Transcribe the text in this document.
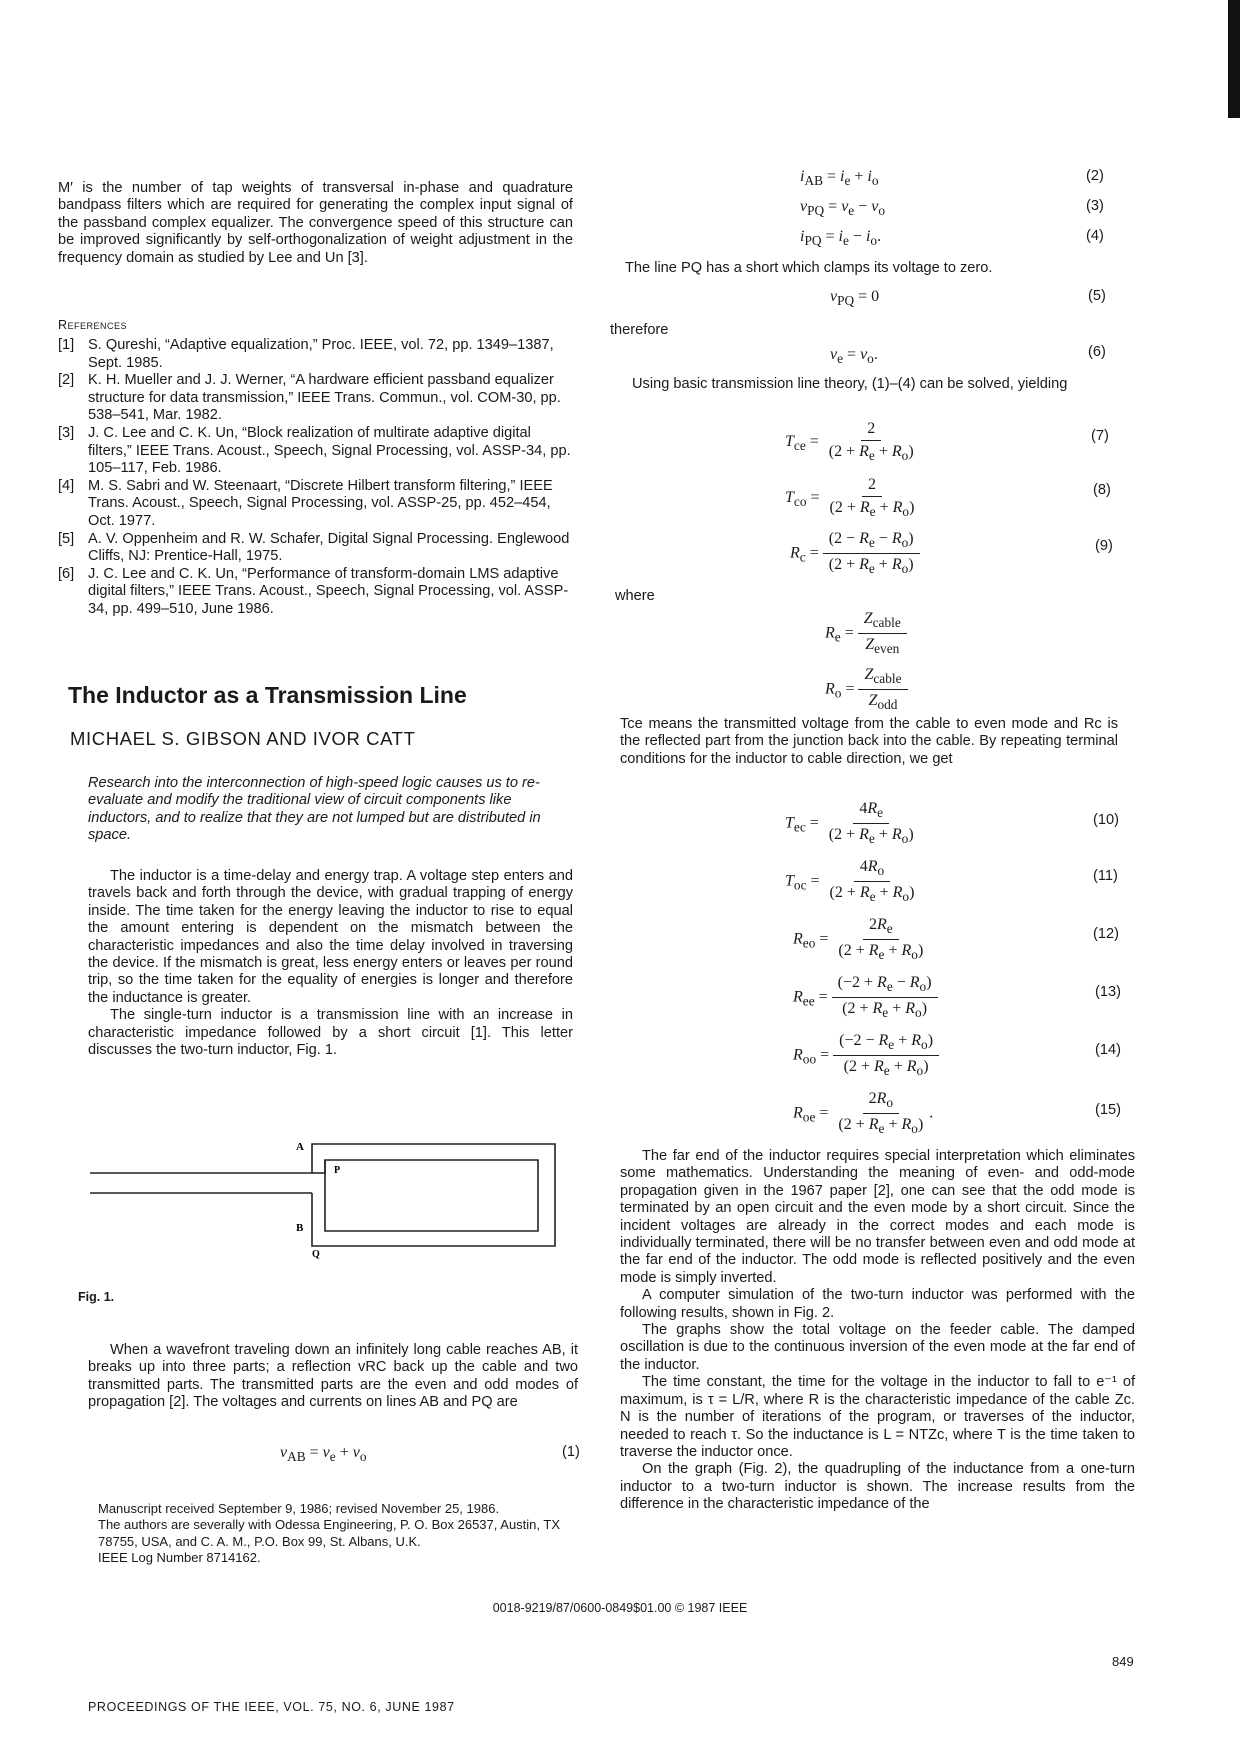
M′ is the number of tap weights of transversal in-phase and quadrature bandpass filters which are required for generating the complex input signal of the passband complex equalizer. The convergence speed of this structure can be improved significantly by self-orthogonalization of weight adjustment in the frequency domain as studied by Lee and Un [3].

References
[1] S. Qureshi, “Adaptive equalization,” Proc. IEEE, vol. 72, pp. 1349–1387, Sept. 1985.
[2] K. H. Mueller and J. J. Werner, “A hardware efficient passband equalizer structure for data transmission,” IEEE Trans. Commun., vol. COM-30, pp. 538–541, Mar. 1982.
[3] J. C. Lee and C. K. Un, “Block realization of multirate adaptive digital filters,” IEEE Trans. Acoust., Speech, Signal Processing, vol. ASSP-34, pp. 105–117, Feb. 1986.
[4] M. S. Sabri and W. Steenaart, “Discrete Hilbert transform filtering,” IEEE Trans. Acoust., Speech, Signal Processing, vol. ASSP-25, pp. 452–454, Oct. 1977.
[5] A. V. Oppenheim and R. W. Schafer, Digital Signal Processing. Englewood Cliffs, NJ: Prentice-Hall, 1975.
[6] J. C. Lee and C. K. Un, “Performance of transform-domain LMS adaptive digital filters,” IEEE Trans. Acoust., Speech, Signal Processing, vol. ASSP-34, pp. 499–510, June 1986.
The Inductor as a Transmission Line
MICHAEL S. GIBSON AND IVOR CATT
Research into the interconnection of high-speed logic causes us to re-evaluate and modify the traditional view of circuit components like inductors, and to realize that they are not lumped but are distributed in space.

The inductor is a time-delay and energy trap. A voltage step enters and travels back and forth through the device, with gradual trapping of energy inside. The time taken for the energy leaving the inductor to rise to equal the amount entering is dependent on the mismatch between the characteristic impedances and also the time delay involved in traversing the device. If the mismatch is great, less energy enters or leaves per round trip, so the time taken for the equality of energies is longer and therefore the inductance is greater.

The single-turn inductor is a transmission line with an increase in characteristic impedance followed by a short circuit [1]. This letter discusses the two-turn inductor, Fig. 1.

A
P
B
Q
Fig. 1.

When a wavefront traveling down an infinitely long cable reaches AB, it breaks up into three parts; a reflection vRC back up the cable and two transmitted parts. The transmitted parts are the even and odd modes of propagation [2]. The voltages and currents on lines AB and PQ are

$v_{AB} = v_e + v_o$	(1)
Manuscript received September 9, 1986; revised November 25, 1986.
The authors are severally with Odessa Engineering, P. O. Box 26537, Austin, TX 78755, USA, and C. A. M., P.O. Box 99, St. Albans, U.K.
IEEE Log Number 8714162.
$i_{AB} = i_e + i_o$	(2)
$v_{PQ} = v_e - v_o$	(3)
$i_{PQ} = i_e - i_o$.	(4)
The line PQ has a short which clamps its voltage to zero.
$v_{PQ} = 0$	(5)
therefore
$v_e = v_o$.	(6)

Using basic transmission line theory, (1)–(4) can be solved, yielding

$T_{ce} = \frac{2}{(2 + R_e + R_o)}$	(7)
$T_{co} = \frac{2}{(2 + R_e + R_o)}$	(8)
$R_c = \frac{(2 - R_e - R_o)}{(2 + R_e + R_o)}$	(9)
where
$R_e = \frac{Z_{cable}}{Z_{even}}$
$R_o = \frac{Z_{cable}}{Z_{odd}}$

Tce means the transmitted voltage from the cable to even mode and Rc is the reflected part from the junction back into the cable. By repeating terminal conditions for the inductor to cable direction, we get

$T_{ec} = \frac{4R_e}{(2 + R_e + R_o)}$	(10)
$T_{oc} = \frac{4R_o}{(2 + R_e + R_o)}$	(11)
$R_{eo} = \frac{2R_e}{(2 + R_e + R_o)}$	(12)
$R_{ee} = \frac{(-2 + R_e - R_o)}{(2 + R_e + R_o)}$	(13)
$R_{oo} = \frac{(-2 - R_e + R_o)}{(2 + R_e + R_o)}$	(14)
$R_{oe} = \frac{2R_o}{(2 + R_e + R_o)}$ .	(15)

The far end of the inductor requires special interpretation which eliminates some mathematics. Understanding the meaning of even- and odd-mode propagation given in the 1967 paper [2], one can see that the odd mode is terminated by an open circuit and the even mode by a short circuit. Since the incident voltages are already in the correct modes and each mode is individually terminated, there will be no transfer between even and odd mode at the far end of the inductor. The odd mode is reflected positively and the even mode is simply inverted.

A computer simulation of the two-turn inductor was performed with the following results, shown in Fig. 2.

The graphs show the total voltage on the feeder cable. The damped oscillation is due to the continuous inversion of the even mode at the far end of the inductor.

The time constant, the time for the voltage in the inductor to fall to e⁻¹ of maximum, is τ = L/R, where R is the characteristic impedance of the cable Zc. N is the number of iterations of the program, or traverses of the inductor, needed to reach τ. So the inductance is L = NTZc, where T is the time taken to traverse the inductor once.

On the graph (Fig. 2), the quadrupling of the inductance from a one-turn inductor to a two-turn inductor is shown. The increase results from the difference in the characteristic impedance of the

0018-9219/87/0600-0849$01.00 © 1987 IEEE
849
PROCEEDINGS OF THE IEEE, VOL. 75, NO. 6, JUNE 1987
